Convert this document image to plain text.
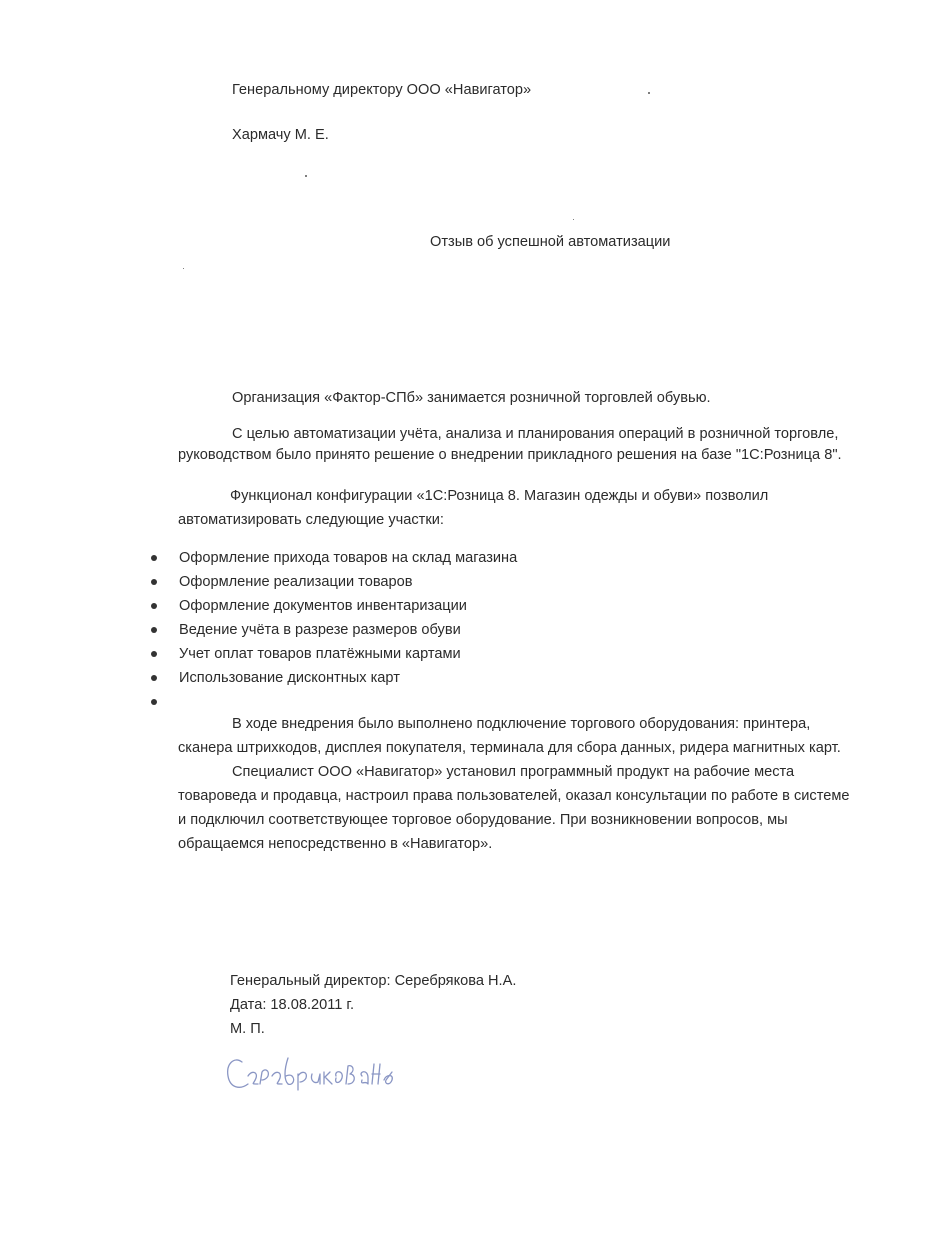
Генеральному директору ООО «Навигатор»

Хармачу М. Е.

Отзыв об успешной автоматизации

Организация «Фактор-СПб» занимается розничной торговлей обувью.

С целью автоматизации учёта, анализа и планирования операций в розничной торговле,

руководством было принято решение о внедрении прикладного решения на базе "1С:Розница 8".

Функционал конфигурации «1С:Розница 8. Магазин одежды и обуви» позволил

автоматизировать следующие участки:

Оформление прихода товаров на склад магазина

Оформление реализации товаров

Оформление документов инвентаризации

Ведение учёта в разрезе размеров обуви

Учет оплат товаров платёжными картами

Использование дисконтных карт

В ходе внедрения было выполнено подключение торгового оборудования: принтера,

сканера штрихкодов, дисплея покупателя, терминала для сбора данных, ридера магнитных карт.

Специалист ООО «Навигатор» установил программный продукт на рабочие места

товароведа и продавца, настроил права пользователей, оказал консультации по работе в системе

и подключил соответствующее торговое оборудование. При возникновении вопросов, мы

обращаемся непосредственно в «Навигатор».

Генеральный директор: Серебрякова Н.А.

Дата: 18.08.2011 г.

М. П.
